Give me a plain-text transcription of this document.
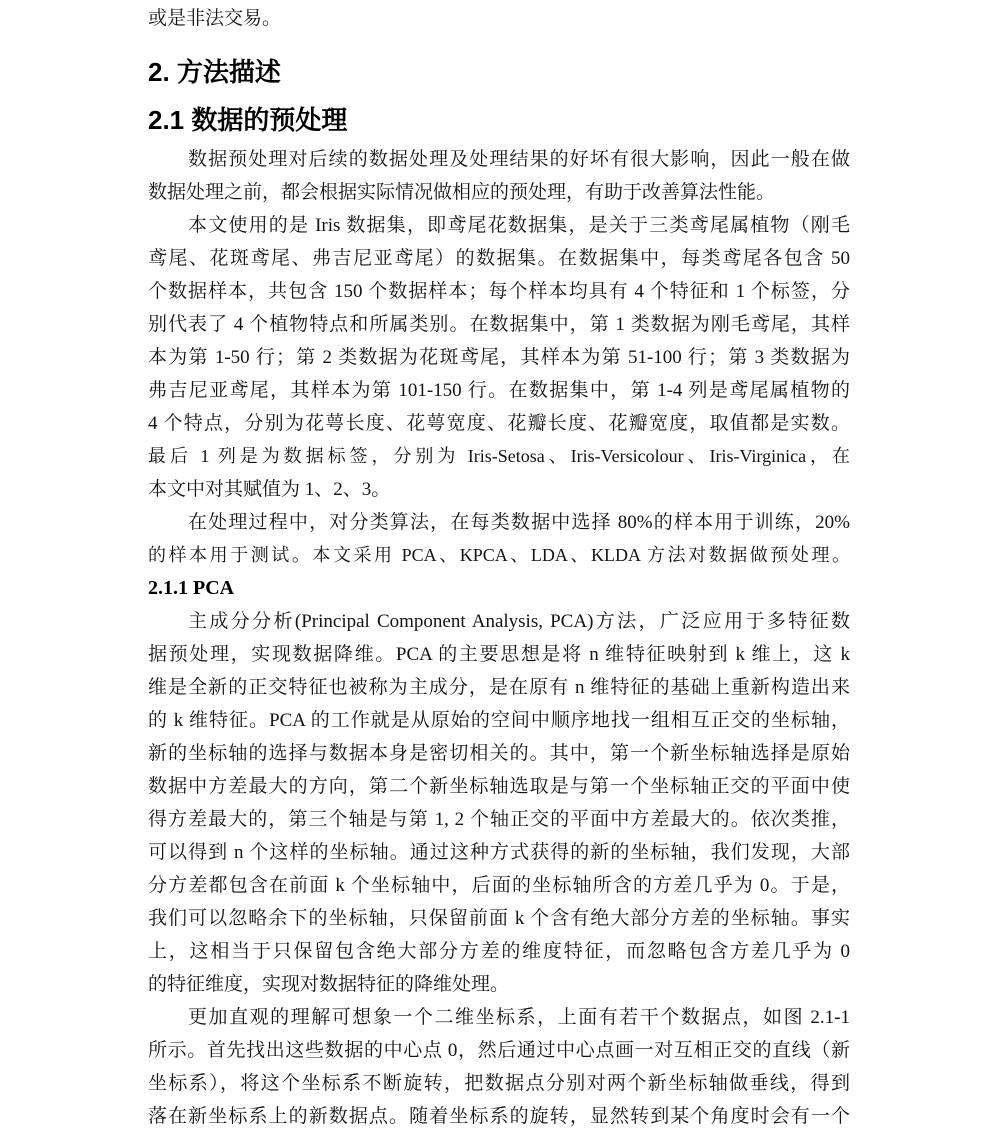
或是非法交易。
2. 方法描述
2.1 数据的预处理
数据预处理对后续的数据处理及处理结果的好坏有很大影响，因此一般在做
数据处理之前，都会根据实际情况做相应的预处理，有助于改善算法性能。
本文使用的是 Iris 数据集，即鸢尾花数据集，是关于三类鸢尾属植物（刚毛
鸢尾、花斑鸢尾、弗吉尼亚鸢尾）的数据集。在数据集中，每类鸢尾各包含 50
个数据样本，共包含 150 个数据样本；每个样本均具有 4 个特征和 1 个标签，分
别代表了 4 个植物特点和所属类别。在数据集中，第 1 类数据为刚毛鸢尾，其样
本为第 1-50 行；第 2 类数据为花斑鸢尾，其样本为第 51-100 行；第 3 类数据为
弗吉尼亚鸢尾，其样本为第 101-150 行。在数据集中，第 1-4 列是鸢尾属植物的
4 个特点，分别为花萼长度、花萼宽度、花瓣长度、花瓣宽度，取值都是实数。
最后 1 列是为数据标签，分别为 Iris-Setosa、Iris-Versicolour、Iris-Virginica，在
本文中对其赋值为 1、2、3。
在处理过程中，对分类算法，在每类数据中选择 80%的样本用于训练，20%
的样本用于测试。本文采用 PCA、KPCA、LDA、KLDA 方法对数据做预处理。
2.1.1 PCA
主成分分析(Principal Component Analysis, PCA)方法，广泛应用于多特征数
据预处理，实现数据降维。PCA 的主要思想是将 n 维特征映射到 k 维上，这 k
维是全新的正交特征也被称为主成分，是在原有 n 维特征的基础上重新构造出来
的 k 维特征。PCA 的工作就是从原始的空间中顺序地找一组相互正交的坐标轴，
新的坐标轴的选择与数据本身是密切相关的。其中，第一个新坐标轴选择是原始
数据中方差最大的方向，第二个新坐标轴选取是与第一个坐标轴正交的平面中使
得方差最大的，第三个轴是与第 1, 2 个轴正交的平面中方差最大的。依次类推，
可以得到 n 个这样的坐标轴。通过这种方式获得的新的坐标轴，我们发现，大部
分方差都包含在前面 k 个坐标轴中，后面的坐标轴所含的方差几乎为 0。于是，
我们可以忽略余下的坐标轴，只保留前面 k 个含有绝大部分方差的坐标轴。事实
上，这相当于只保留包含绝大部分方差的维度特征，而忽略包含方差几乎为 0
的特征维度，实现对数据特征的降维处理。
更加直观的理解可想象一个二维坐标系，上面有若干个数据点，如图 2.1-1
所示。首先找出这些数据的中心点 0，然后通过中心点画一对互相正交的直线（新
坐标系），将这个坐标系不断旋转，把数据点分别对两个新坐标轴做垂线，得到
落在新坐标系上的新数据点。随着坐标系的旋转，显然转到某个角度时会有一个
